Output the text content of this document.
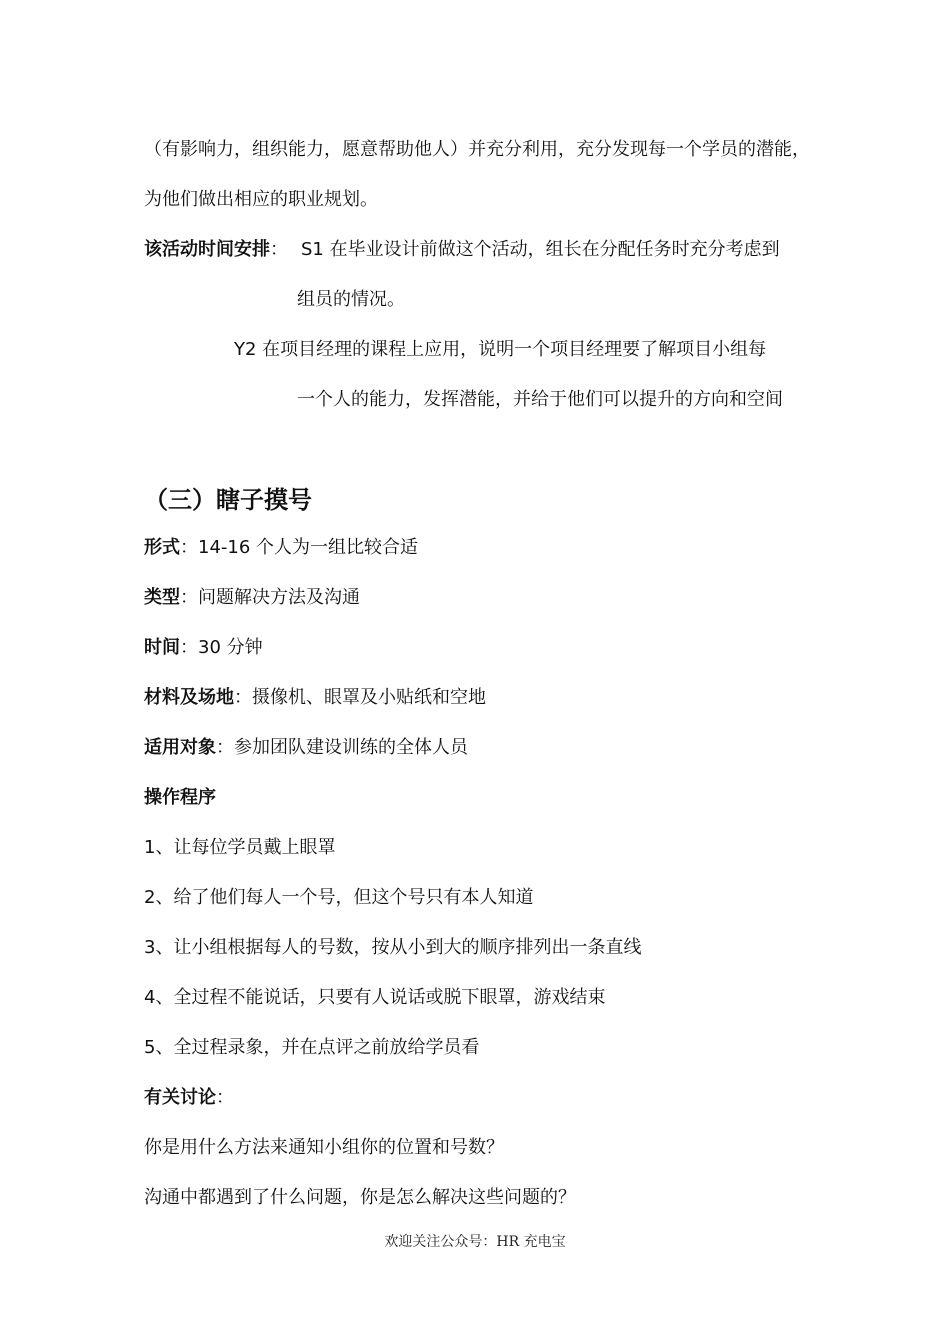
（有影响力，组织能力，愿意帮助他人）并充分利用，充分发现每一个学员的潜能，
为他们做出相应的职业规划。
该活动时间安排： S1 在毕业设计前做这个活动，组长在分配任务时充分考虑到
组员的情况。
Y2 在项目经理的课程上应用，说明一个项目经理要了解项目小组每
一个人的能力，发挥潜能，并给于他们可以提升的方向和空间
（三）瞎子摸号
形式：14-16 个人为一组比较合适
类型：问题解决方法及沟通
时间：30 分钟
材料及场地：摄像机、眼罩及小贴纸和空地
适用对象：参加团队建设训练的全体人员
操作程序
1、让每位学员戴上眼罩
2、给了他们每人一个号，但这个号只有本人知道
3、让小组根据每人的号数，按从小到大的顺序排列出一条直线
4、全过程不能说话，只要有人说话或脱下眼罩，游戏结束
5、全过程录象，并在点评之前放给学员看
有关讨论：
你是用什么方法来通知小组你的位置和号数？
沟通中都遇到了什么问题，你是怎么解决这些问题的？
欢迎关注公众号：HR 充电宝
